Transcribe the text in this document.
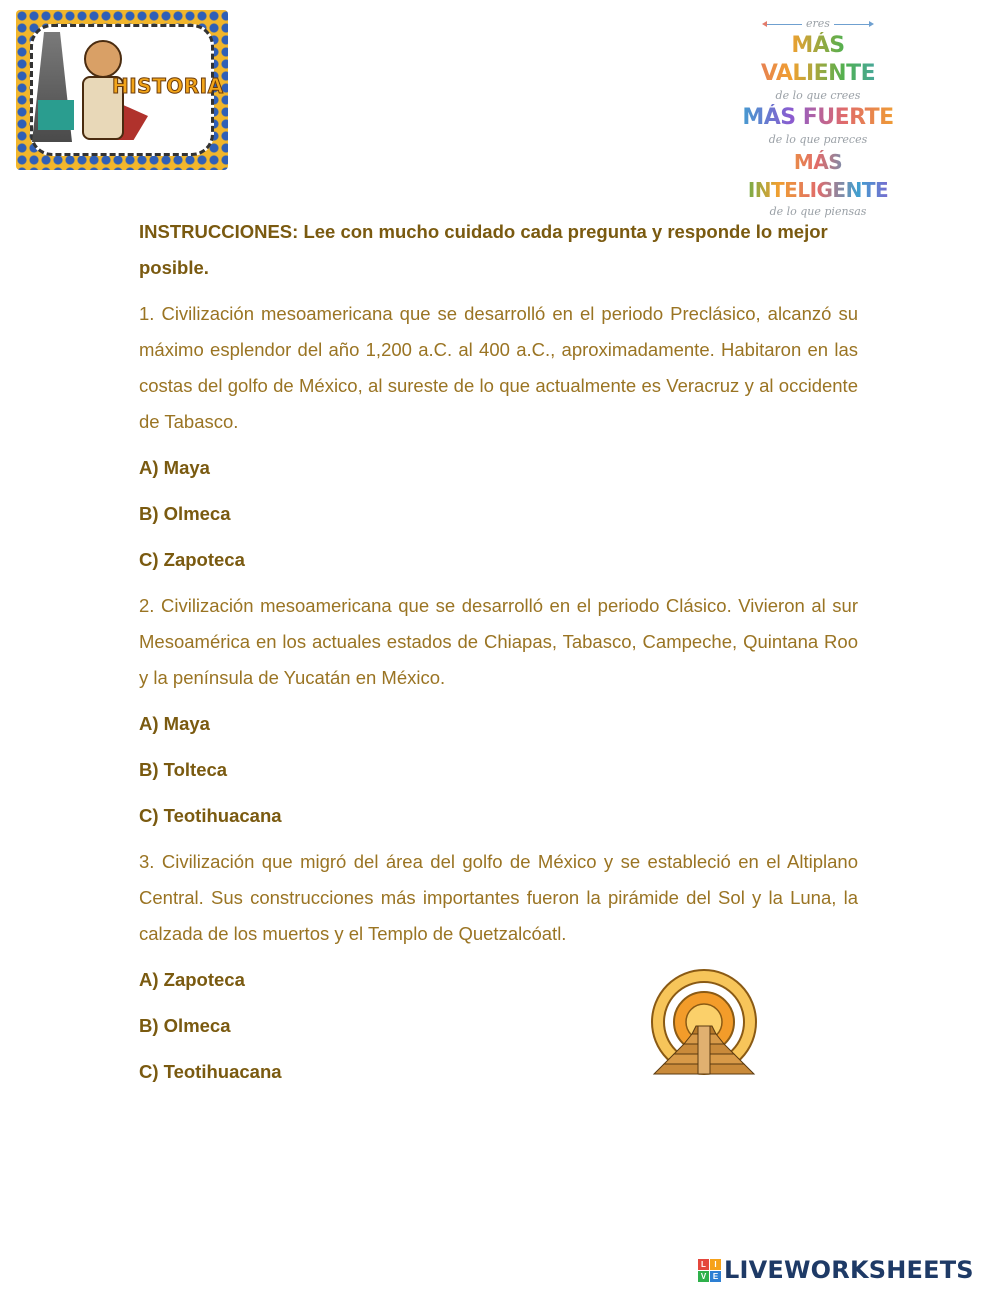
HISTORIA
eres
MÁS VALIENTE
de lo que crees
MÁS FUERTE
de lo que pareces
MÁS INTELIGENTE
de lo que piensas

INSTRUCCIONES: Lee con mucho cuidado cada pregunta y responde lo mejor posible.

1. Civilización mesoamericana que se desarrolló en el periodo Preclásico, alcanzó su máximo esplendor del año 1,200 a.C. al 400 a.C., aproximadamente. Habitaron en las costas del golfo de México, al sureste de lo que actualmente es Veracruz y al occidente de Tabasco.

A) Maya

B) Olmeca

C) Zapoteca

2. Civilización mesoamericana que se desarrolló en el periodo Clásico. Vivieron al sur Mesoamérica en los actuales estados de Chiapas, Tabasco, Campeche, Quintana Roo y la península de Yucatán en México.

A) Maya

B) Tolteca

C) Teotihuacana

3. Civilización que migró del área del golfo de México y se estableció en el Altiplano Central. Sus construcciones más importantes fueron la pirámide del Sol y la Luna, la calzada de los muertos y el Templo de Quetzalcóatl.

A) Zapoteca

B) Olmeca

C) Teotihuacana

L	I
V E LIVEWORKSHEETS
